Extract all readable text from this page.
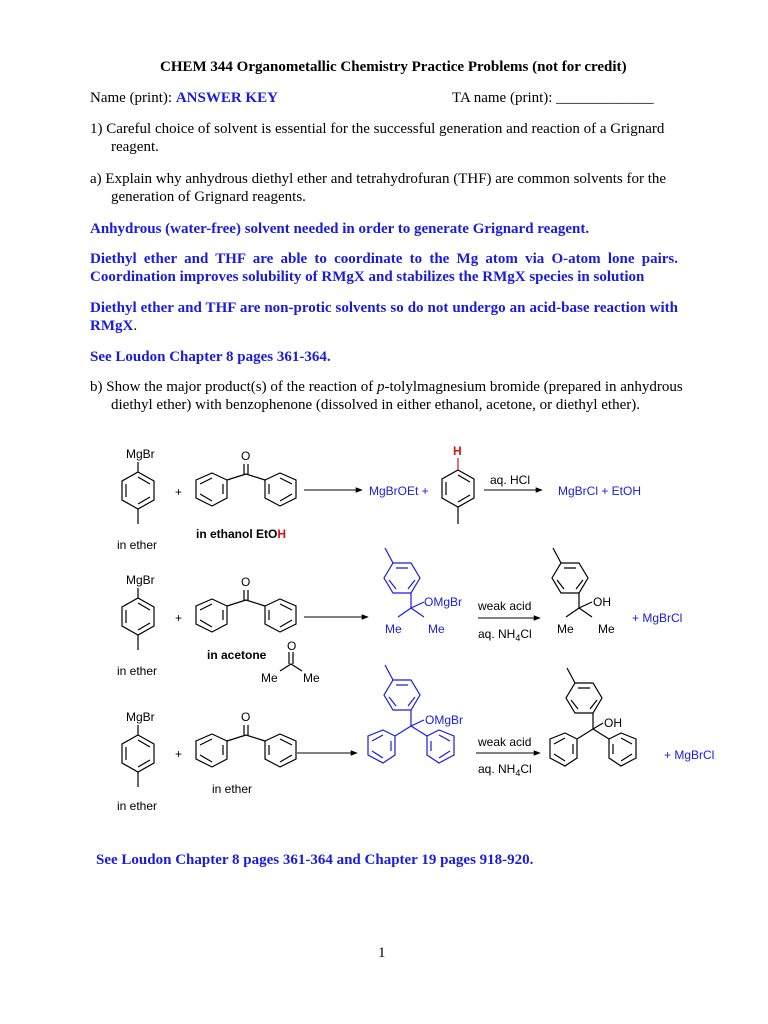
CHEM 344 Organometallic Chemistry Practice Problems (not for credit)
Name (print): ANSWER KEY	TA name (print): _____________
1) Careful choice of solvent is essential for the successful generation and reaction of a Grignard
reagent.
a) Explain why anhydrous diethyl ether and tetrahydrofuran (THF) are common solvents for the
generation of Grignard reagents.
Anhydrous (water-free) solvent needed in order to generate Grignard reagent.
Diethyl ether and THF are able to coordinate to the Mg atom via O-atom lone pairs.
Coordination improves solubility of RMgX and stabilizes the RMgX species in solution
Diethyl ether and THF are non-protic solvents so do not undergo an acid-base reaction with
RMgX.
See Loudon Chapter 8 pages 361-364.
b) Show the major product(s) of the reaction of p-tolylmagnesium bromide (prepared in anhydrous
diethyl ether) with benzophenone (dissolved in either ethanol, acetone, or diethyl ether).
See Loudon Chapter 8 pages 361-364 and Chapter 19 pages 918-920.
1
MgBr
in ether
+
O
in ethanol EtOH
MgBrOEt +
H
aq. HCl
MgBrCl + EtOH
MgBr
in ether
+
O
in acetone
O
Me Me
OMgBr
Me Me
weak acid
aq. $NH_4Cl$
OH
Me Me
+ MgBrCl
MgBr
in ether
+
O
in ether
OMgBr
weak acid
aq. $NH_4Cl$
OH
+ MgBrCl
